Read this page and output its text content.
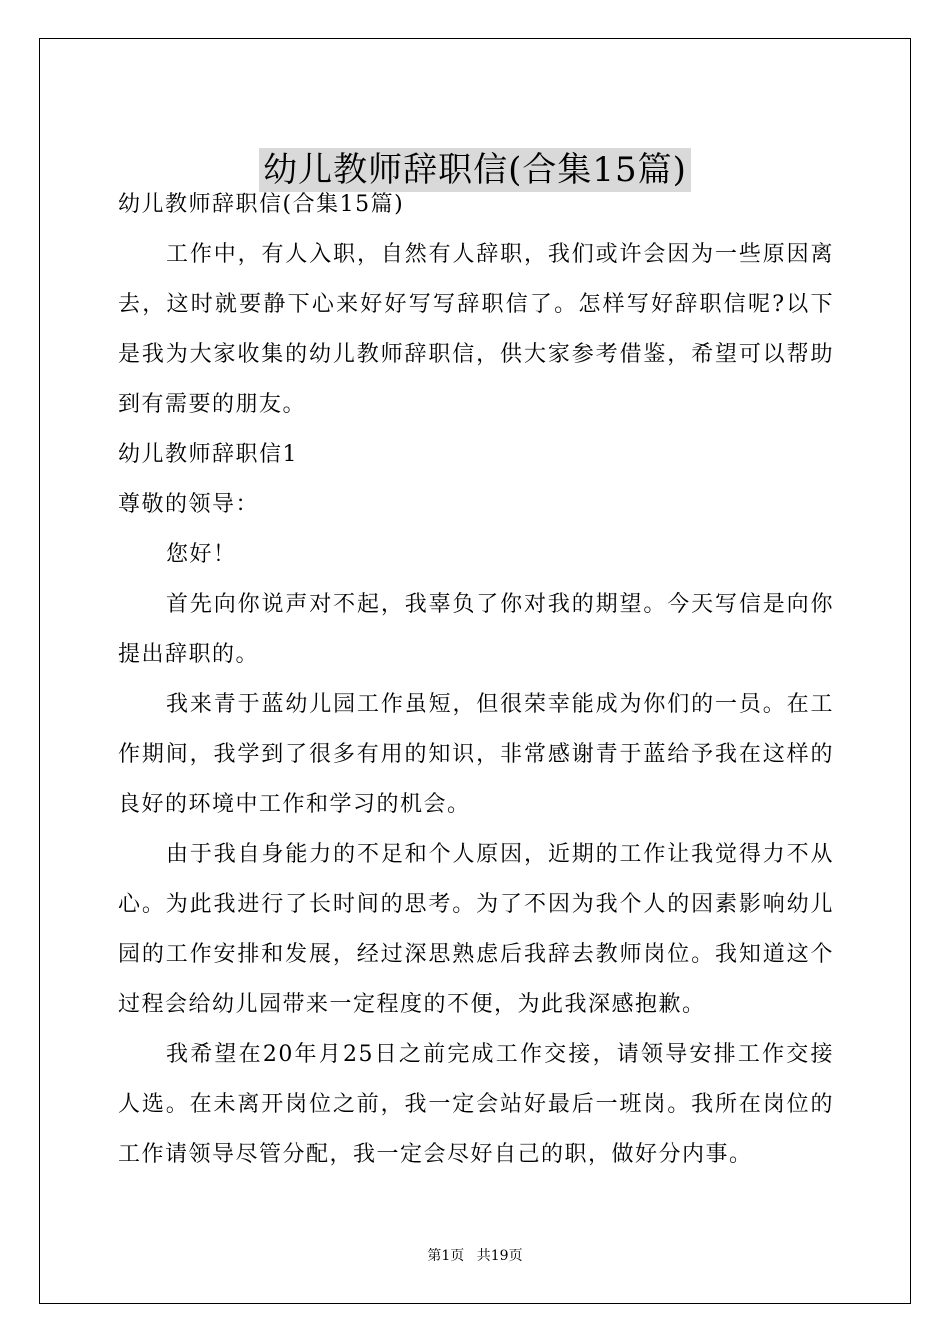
幼儿教师辞职信(合集15篇)

幼儿教师辞职信(合集15篇)

工作中，有人入职，自然有人辞职，我们或许会因为一些原因离去，这时就要静下心来好好写写辞职信了。怎样写好辞职信呢?以下是我为大家收集的幼儿教师辞职信，供大家参考借鉴，希望可以帮助到有需要的朋友。

幼儿教师辞职信1

尊敬的领导：

您好！

首先向你说声对不起，我辜负了你对我的期望。今天写信是向你提出辞职的。

我来青于蓝幼儿园工作虽短，但很荣幸能成为你们的一员。在工作期间，我学到了很多有用的知识，非常感谢青于蓝给予我在这样的良好的环境中工作和学习的机会。

由于我自身能力的不足和个人原因，近期的工作让我觉得力不从心。为此我进行了长时间的思考。为了不因为我个人的因素影响幼儿园的工作安排和发展，经过深思熟虑后我辞去教师岗位。我知道这个过程会给幼儿园带来一定程度的不便，为此我深感抱歉。

我希望在20年月25日之前完成工作交接，请领导安排工作交接人选。在未离开岗位之前，我一定会站好最后一班岗。我所在岗位的工作请领导尽管分配，我一定会尽好自己的职，做好分内事。

第1页 共19页
